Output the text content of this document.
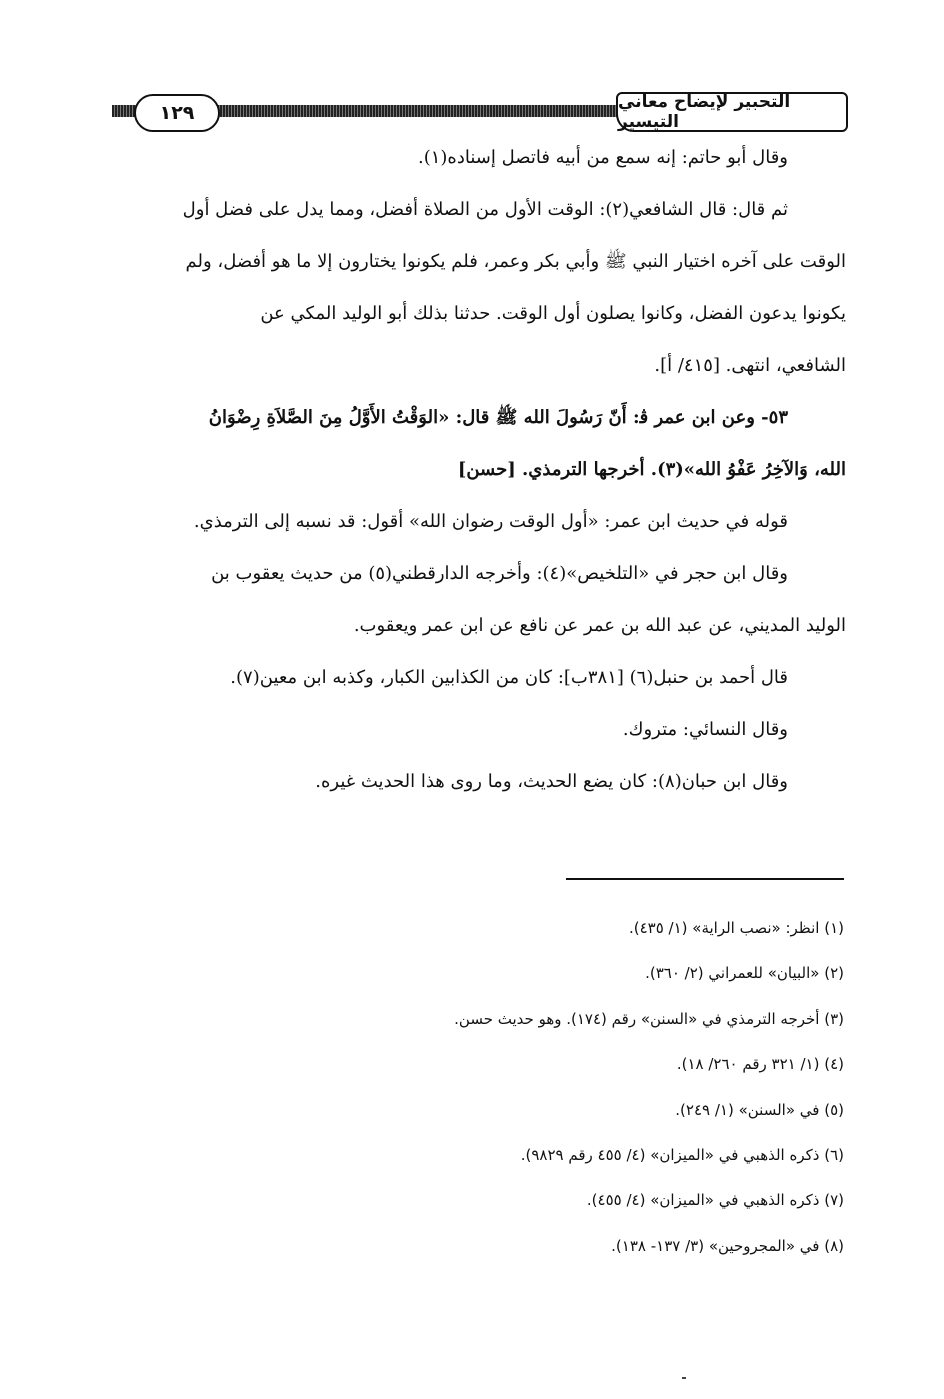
١٢٩	التحبير لإيضاح معاني التيسير
وقال أبو حاتم: إنه سمع من أبيه فاتصل إسناده(١).
ثم قال: قال الشافعي(٢): الوقت الأول من الصلاة أفضل، ومما يدل على فضل أول
الوقت على آخره اختيار النبي ﷺ وأبي بكر وعمر، فلم يكونوا يختارون إلا ما هو أفضل، ولم
يكونوا يدعون الفضل، وكانوا يصلون أول الوقت. حدثنا بذلك أبو الوليد المكي عن
الشافعي، انتهى. [٤١٥/ أ].
٥٣- وعن ابن عمر ﭬ: أَنّ رَسُولَ الله ﷺ قال: «الوَقْتُ الأَوَّلُ مِنَ الصَّلاَةِ رِضْوَانُ
الله، وَالآخِرُ عَفْوُ الله»(٣). أخرجها الترمذي. [حسن]
قوله في حديث ابن عمر: «أول الوقت رضوان الله» أقول: قد نسبه إلى الترمذي.
وقال ابن حجر في «التلخيص»(٤): وأخرجه الدارقطني(٥) من حديث يعقوب بن
الوليد المديني، عن عبد الله بن عمر عن نافع عن ابن عمر ويعقوب.
قال أحمد بن حنبل(٦) [٣٨١ب]: كان من الكذابين الكبار، وكذبه ابن معين(٧).
وقال النسائي: متروك.
وقال ابن حبان(٨): كان يضع الحديث، وما روى هذا الحديث غيره.
(١) انظر: «نصب الراية» (١/ ٤٣٥).
(٢) «البيان» للعمراني (٢/ ٣٦٠).
(٣) أخرجه الترمذي في «السنن» رقم (١٧٤). وهو حديث حسن.
(٤) (١/ ٣٢١ رقم ٢٦٠/ ١٨).
(٥) في «السنن» (١/ ٢٤٩).
(٦) ذكره الذهبي في «الميزان» (٤/ ٤٥٥ رقم ٩٨٢٩).
(٧) ذكره الذهبي في «الميزان» (٤/ ٤٥٥).
(٨) في «المجروحين» (٣/ ١٣٧- ١٣٨).
